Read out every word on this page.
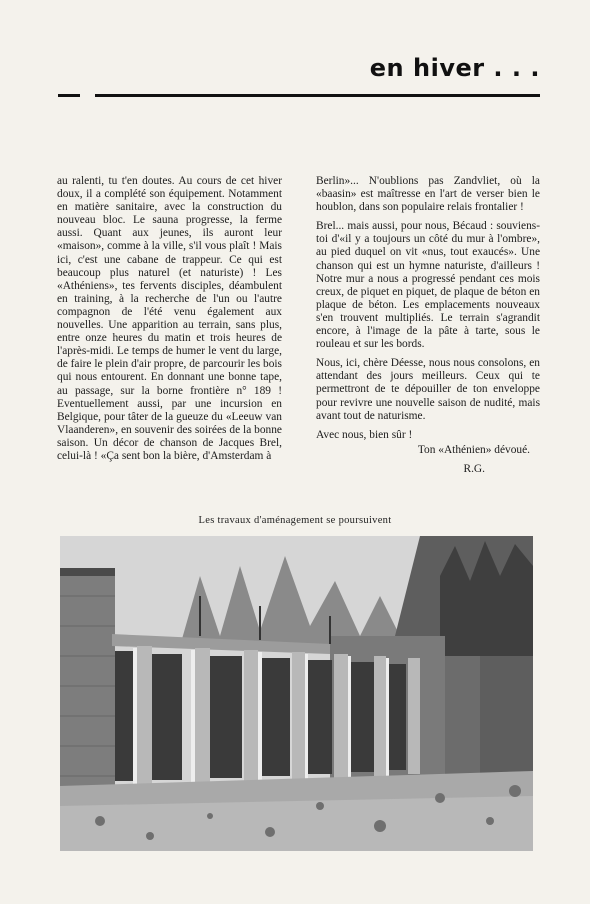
en hiver . . .

au ralenti, tu t'en doutes. Au cours de cet hiver doux, il a complété son équipement. Notamment en matière sanitaire, avec la construction du nouveau bloc. Le sauna progresse, la ferme aussi. Quant aux jeunes, ils auront leur «maison», comme à la ville, s'il vous plaît ! Mais ici, c'est une cabane de trappeur. Ce qui est beaucoup plus naturel (et naturiste) ! Les «Athéniens», tes fervents disciples, déambulent en training, à la recherche de l'un ou l'autre compagnon de l'été venu également aux nouvelles. Une apparition au terrain, sans plus, entre onze heures du matin et trois heures de l'après-midi. Le temps de humer le vent du large, de faire le plein d'air propre, de parcourir les bois qui nous entourent. En donnant une bonne tape, au passage, sur la borne frontière n° 189 ! Eventuellement aussi, par une incursion en Belgique, pour tâter de la gueuze du «Leeuw van Vlaanderen», en souvenir des soirées de la bonne saison. Un décor de chanson de Jacques Brel, celui-là ! «Ça sent bon la bière, d'Amsterdam à

Berlin»... N'oublions pas Zandvliet, où la «baasin» est maîtresse en l'art de verser bien le houblon, dans son populaire relais frontalier !

Brel... mais aussi, pour nous, Bécaud : souviens-toi d'«il y a toujours un côté du mur à l'ombre», au pied duquel on vit «nus, tout exaucés». Une chanson qui est un hymne naturiste, d'ailleurs ! Notre mur a nous a progressé pendant ces mois creux, de piquet en piquet, de plaque de béton en plaque de béton. Les emplacements nouveaux s'en trouvent multipliés. Le terrain s'agrandit encore, à l'image de la pâte à tarte, sous le rouleau et sur les bords.

Nous, ici, chère Déesse, nous nous consolons, en attendant des jours meilleurs. Ceux qui te permettront de te dépouiller de ton enveloppe pour revivre une nouvelle saison de nudité, mais avant tout de naturisme.

Avec nous, bien sûr !

Ton «Athénien» dévoué.

R.G.

Les travaux d'aménagement se poursuivent
